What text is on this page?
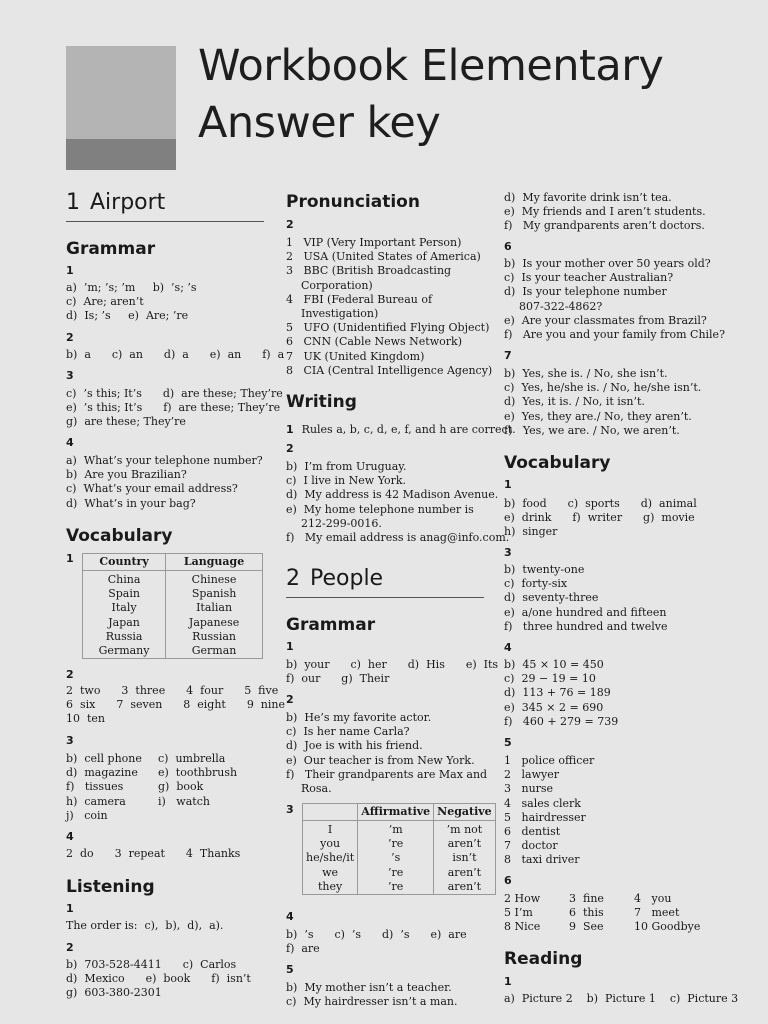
Workbook Elementary
Answer key
1 Airport
Grammar
1
a)  ’m; ’s; ’m     b)  ’s; ’s
c)  Are; aren’t
d)  Is; ’s     e)  Are; ’re
2
b)  a      c)  an      d)  a      e)  an      f)  a
3
c)  ’s this; It’s      d)  are these; They’re
e)  ’s this; It’s      f)  are these; They’re
g)  are these; They’re
4
a)  What’s your telephone number?
b)  Are you Brazilian?
c)  What’s your email address?
d)  What’s in your bag?
Vocabulary
1	Country	Language
China	Chinese
Spain	Spanish
Italy	Italian
Japan	Japanese
Russia	Russian
Germany	German
2
2  two      3  three      4  four      5  five
6  six      7  seven      8  eight      9  nine
10  ten
3
b)  cell phone	c)  umbrella
d)  magazine	e)  toothbrush
f)   tissues	g)  book
h)  camera	i)   watch
j)   coin
4
2  do      3  repeat      4  Thanks
Listening
1
The order is:  c),  b),  d),  a).
2
b)  703-528-4411      c)  Carlos
d)  Mexico      e)  book      f)  isn’t
g)  603-380-2301
Pronunciation
2
1   VIP (Very Important Person)
2   USA (United States of America)
3   BBC (British Broadcasting
Corporation)
4   FBI (Federal Bureau of
Investigation)
5   UFO (Unidentified Flying Object)
6   CNN (Cable News Network)
7   UK (United Kingdom)
8   CIA (Central Intelligence Agency)
Writing
1 Rules a, b, c, d, e, f, and h are correct.
2
b)  I’m from Uruguay.
c)  I live in New York.
d)  My address is 42 Madison Avenue.
e)  My home telephone number is
212-299-0016.
f)   My email address is anag@info.com.
2 People
Grammar
1
b)  your      c)  her      d)  His      e)  Its
f)  our      g)  Their
2
b)  He’s my favorite actor.
c)  Is her name Carla?
d)  Joe is with his friend.
e)  Our teacher is from New York.
f)   Their grandparents are Max and
Rosa.
3
		Affirmative	Negative
I	’m	’m not
you	’re	aren’t
he/she/it	’s	isn’t
we	’re	aren’t
they	’re	aren’t
4
b)  ’s      c)  ’s      d)  ’s      e)  are
f)  are
5
b)  My mother isn’t a teacher.
c)  My hairdresser isn’t a man.
d)  My favorite drink isn’t tea.
e)  My friends and I aren’t students.
f)   My grandparents aren’t doctors.
6
b)  Is your mother over 50 years old?
c)  Is your teacher Australian?
d)  Is your telephone number
807-322-4862?
e)  Are your classmates from Brazil?
f)   Are you and your family from Chile?
7
b)  Yes, she is. / No, she isn’t.
c)  Yes, he/she is. / No, he/she isn’t.
d)  Yes, it is. / No, it isn’t.
e)  Yes, they are./ No, they aren’t.
f)   Yes, we are. / No, we aren’t.
Vocabulary
1
b)  food      c)  sports      d)  animal
e)  drink      f)  writer      g)  movie
h)  singer
3
b)  twenty-one
c)  forty-six
d)  seventy-three
e)  a/one hundred and fifteen
f)   three hundred and twelve
4
b)  45 × 10 = 450
c)  29 − 19 = 10
d)  113 + 76 = 189
e)  345 × 2 = 690
f)   460 + 279 = 739
5
1   police officer
2   lawyer
3   nurse
4   sales clerk
5   hairdresser
6   dentist
7   doctor
8   taxi driver
6
2 How	3  fine	4   you
5 I’m	6  this	7   meet
8 Nice	9  See	10 Goodbye
Reading
1
a)  Picture 2    b)  Picture 1    c)  Picture 3
